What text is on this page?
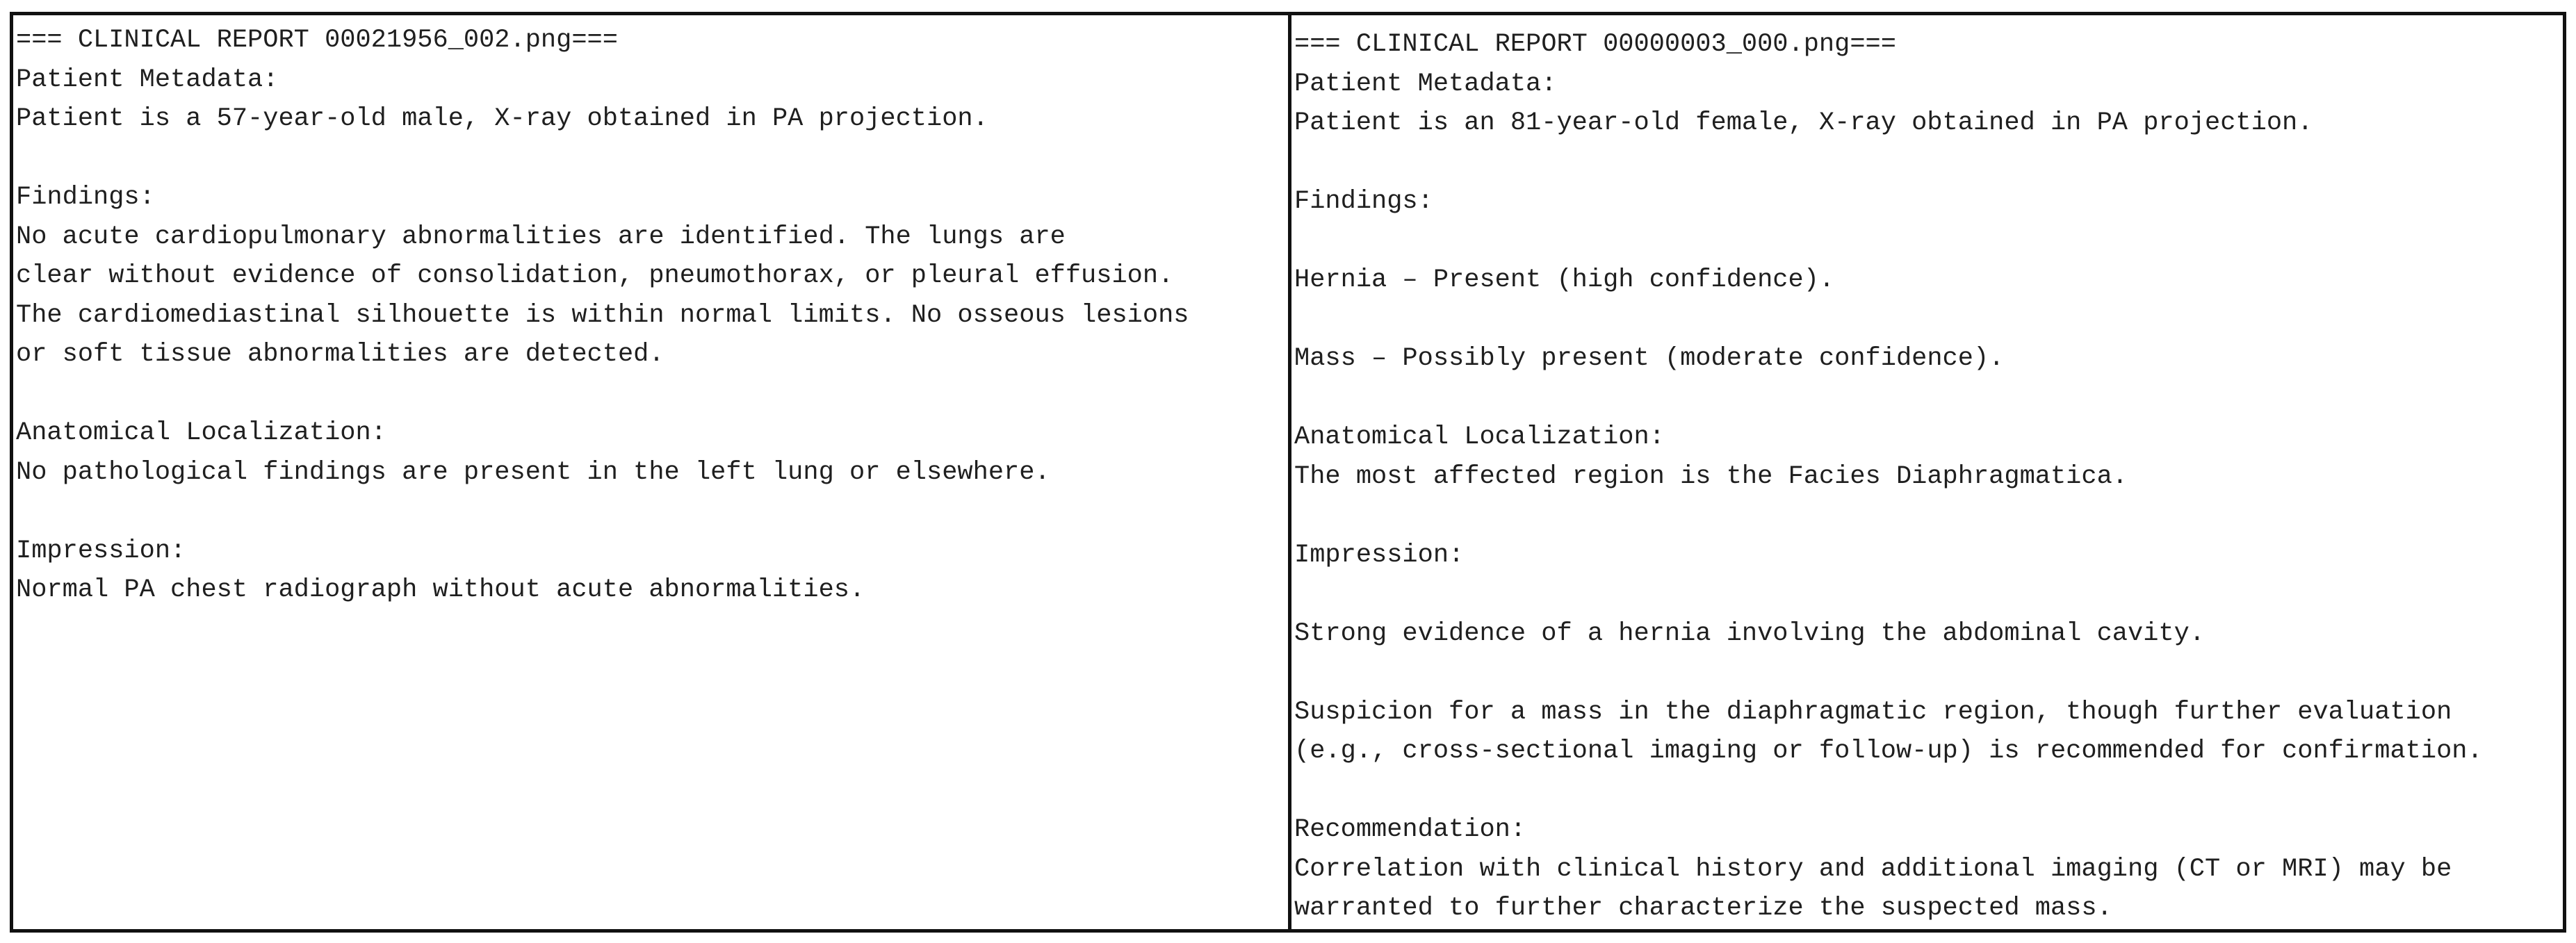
=== CLINICAL REPORT 00021956_002.png===

Patient Metadata:

Patient is a 57-year-old male, X-ray obtained in PA projection.

Findings:

No acute cardiopulmonary abnormalities are identified. The lungs are

clear without evidence of consolidation, pneumothorax, or pleural effusion.

The cardiomediastinal silhouette is within normal limits. No osseous lesions

or soft tissue abnormalities are detected.

Anatomical Localization:

No pathological findings are present in the left lung or elsewhere.

Impression:

Normal PA chest radiograph without acute abnormalities.

=== CLINICAL REPORT 00000003_000.png===

Patient Metadata:

Patient is an 81-year-old female, X-ray obtained in PA projection.

Findings:

Hernia – Present (high confidence).

Mass – Possibly present (moderate confidence).

Anatomical Localization:

The most affected region is the Facies Diaphragmatica.

Impression:

Strong evidence of a hernia involving the abdominal cavity.

Suspicion for a mass in the diaphragmatic region, though further evaluation

(e.g., cross-sectional imaging or follow-up) is recommended for confirmation.

Recommendation:

Correlation with clinical history and additional imaging (CT or MRI) may be

warranted to further characterize the suspected mass.
